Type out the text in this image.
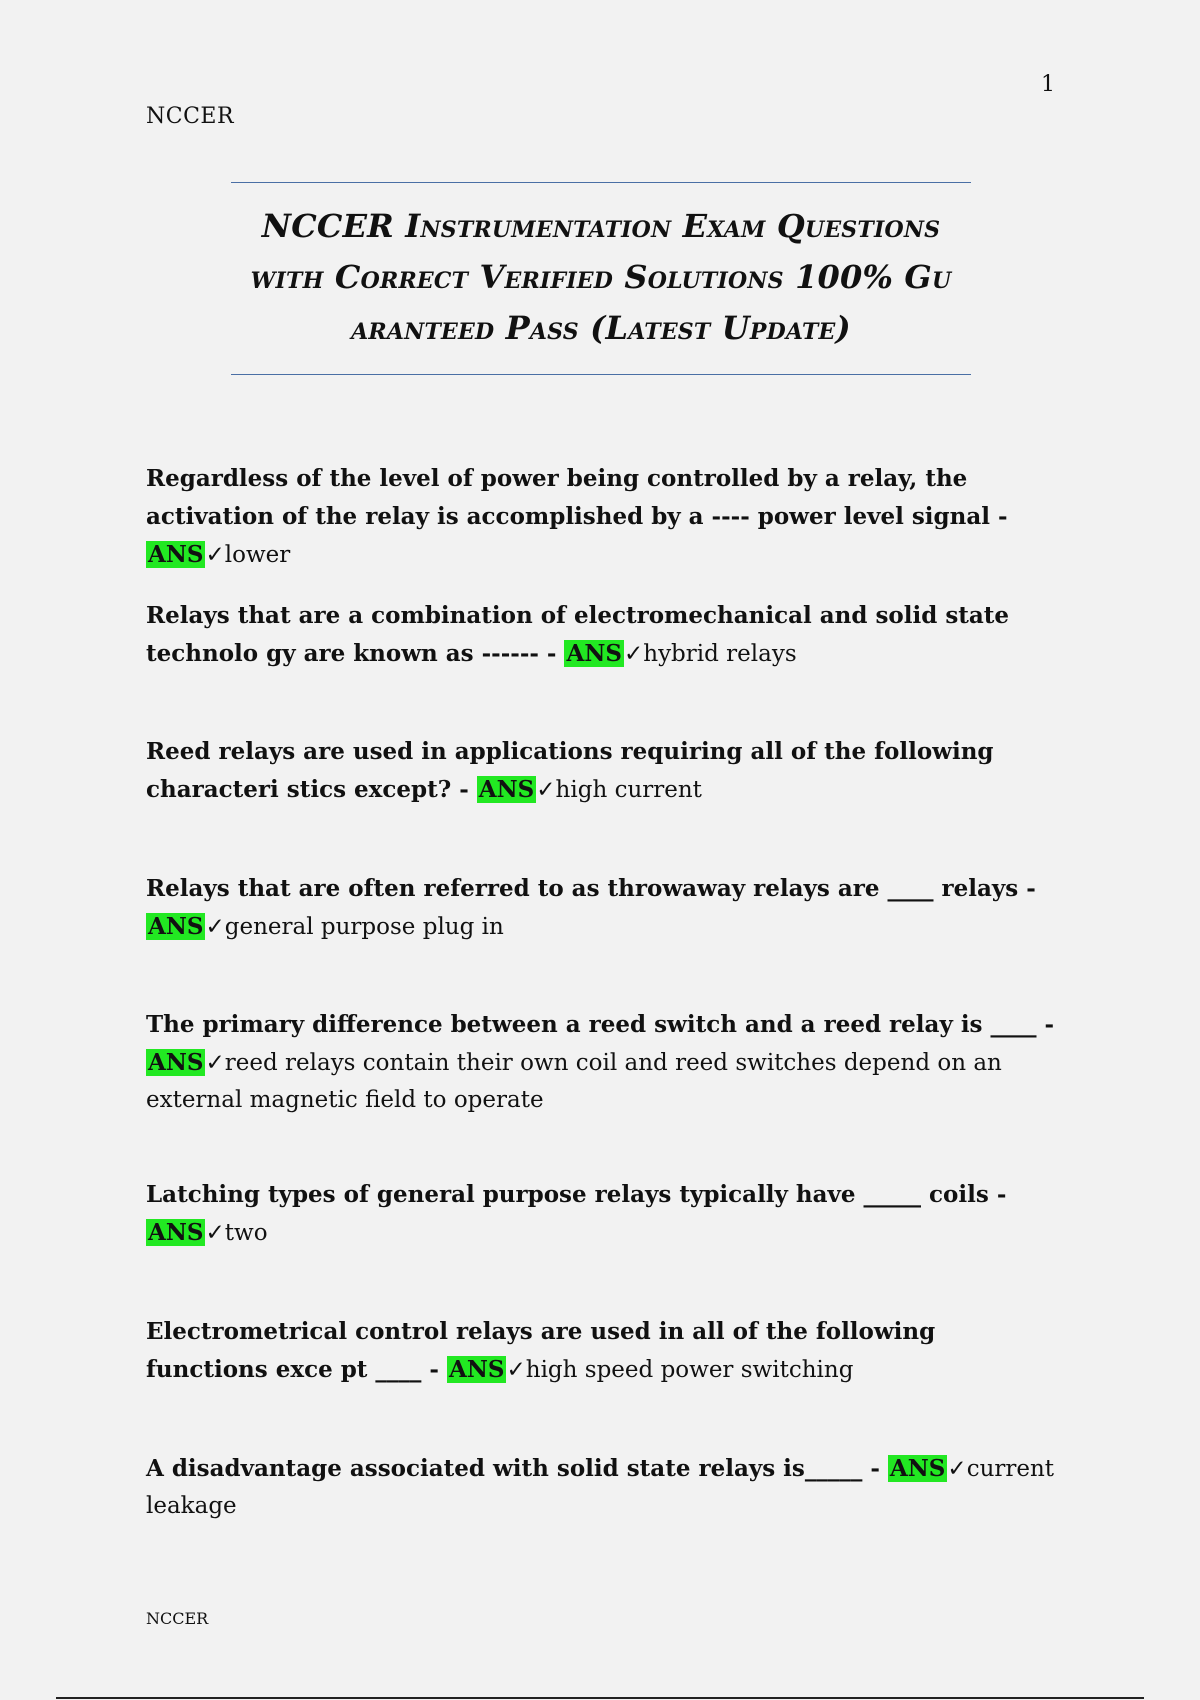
1
NCCER
NCCER Instrumentation Exam Questions
with Correct Verified Solutions 100% Gu
aranteed Pass (Latest Update)
Regardless of the level of power being controlled by a relay, the activation of the relay is accomplished by a ---- power level signal - ANS✓lower
Relays that are a combination of electromechanical and solid state technolo gy are known as ------ - ANS✓hybrid relays
Reed relays are used in applications requiring all of the following characteri stics except? - ANS✓high current
Relays that are often referred to as throwaway relays are ____ relays - ANS✓general purpose plug in
The primary difference between a reed switch and a reed relay is ____ - ANS✓reed relays contain their own coil and reed switches depend on an external magnetic field to operate
Latching types of general purpose relays typically have _____ coils - ANS✓two
Electrometrical control relays are used in all of the following functions exce pt ____ - ANS✓high speed power switching
A disadvantage associated with solid state relays is_____ - ANS✓current leakage
NCCER
